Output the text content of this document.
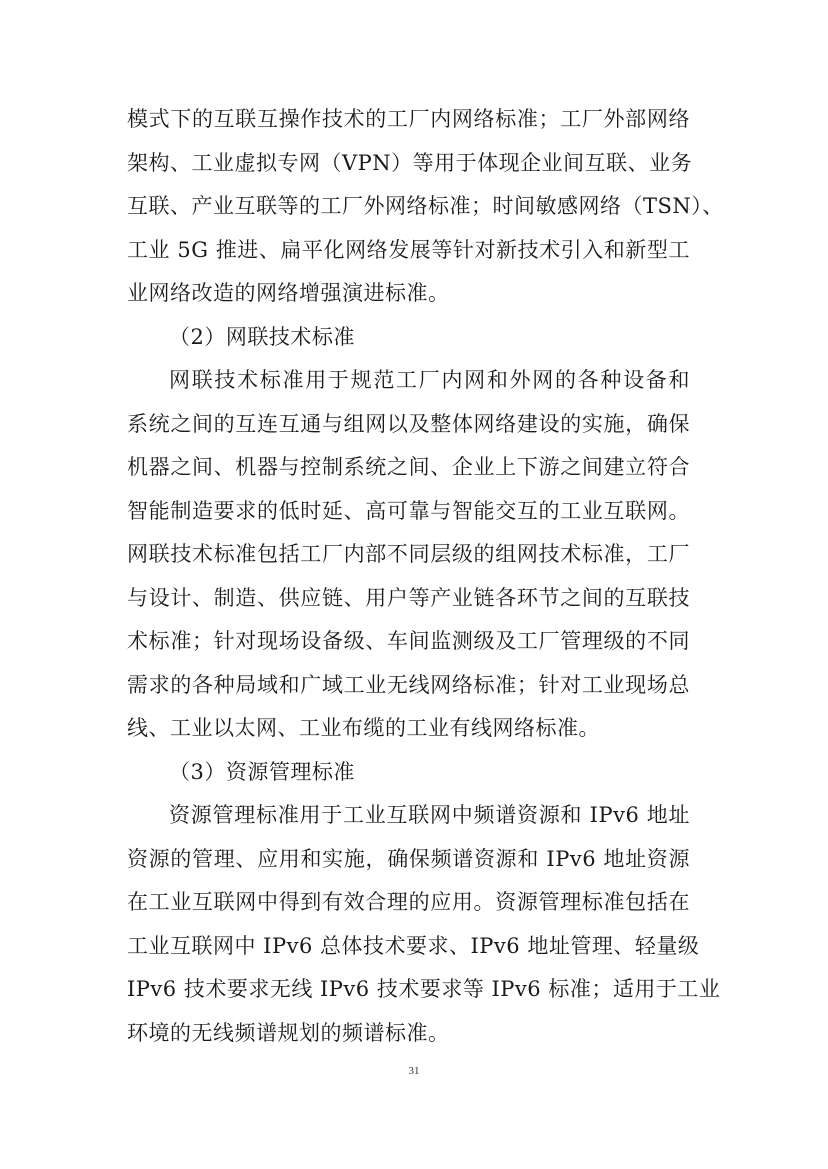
模式下的互联互操作技术的工厂内网络标准；工厂外部网络
架构、工业虚拟专网（VPN）等用于体现企业间互联、业务
互联、产业互联等的工厂外网络标准；时间敏感网络（TSN）、
工业 5G 推进、扁平化网络发展等针对新技术引入和新型工
业网络改造的网络增强演进标准。
（2）网联技术标准
网联技术标准用于规范工厂内网和外网的各种设备和
系统之间的互连互通与组网以及整体网络建设的实施，确保
机器之间、机器与控制系统之间、企业上下游之间建立符合
智能制造要求的低时延、高可靠与智能交互的工业互联网。
网联技术标准包括工厂内部不同层级的组网技术标准，工厂
与设计、制造、供应链、用户等产业链各环节之间的互联技
术标准；针对现场设备级、车间监测级及工厂管理级的不同
需求的各种局域和广域工业无线网络标准；针对工业现场总
线、工业以太网、工业布缆的工业有线网络标准。
（3）资源管理标准
资源管理标准用于工业互联网中频谱资源和 IPv6 地址
资源的管理、应用和实施，确保频谱资源和 IPv6 地址资源
在工业互联网中得到有效合理的应用。资源管理标准包括在
工业互联网中 IPv6 总体技术要求、IPv6 地址管理、轻量级
IPv6 技术要求无线 IPv6 技术要求等 IPv6 标准；适用于工业
环境的无线频谱规划的频谱标准。
31
